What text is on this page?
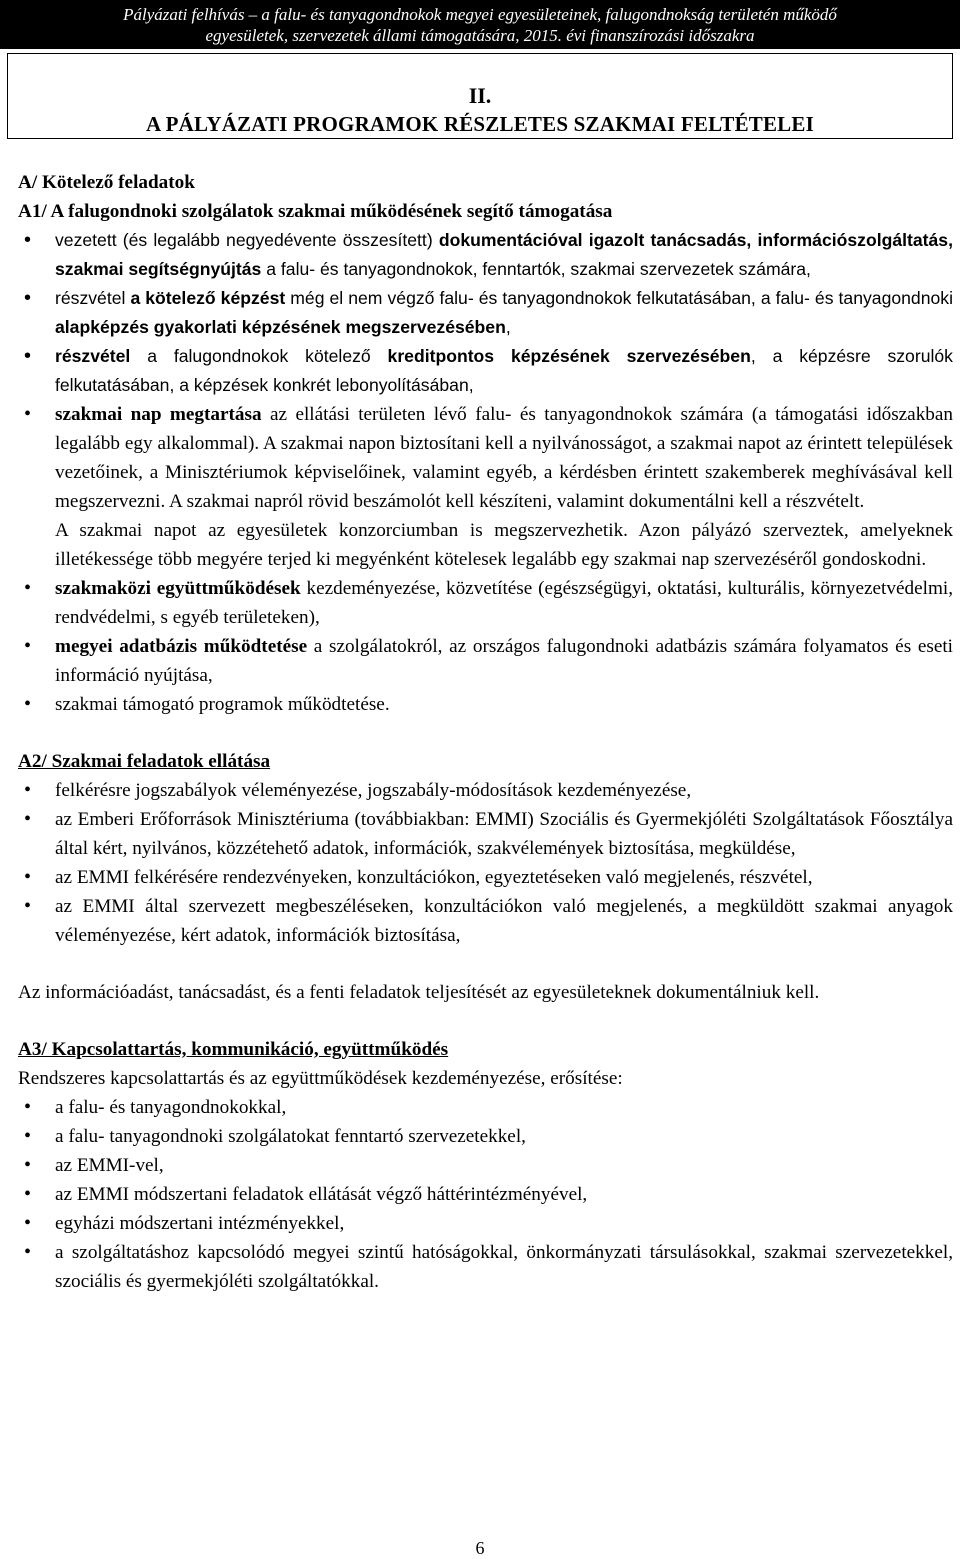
Pályázati felhívás – a falu- és tanyagondnokok megyei egyesületeinek, falugondnokság területén működő
egyesületek, szervezetek állami támogatására, 2015. évi finanszírozási időszakra
II.
A PÁLYÁZATI PROGRAMOK RÉSZLETES SZAKMAI FELTÉTELEI
A/ Kötelező feladatok
A1/ A falugondnoki szolgálatok szakmai működésének segítő támogatása
• vezetett (és legalább negyedévente összesített) dokumentációval igazolt tanácsadás, információszolgáltatás, szakmai segítségnyújtás a falu- és tanyagondnokok, fenntartók, szakmai szervezetek számára,
• részvétel a kötelező képzést még el nem végző falu- és tanyagondnokok felkutatásában, a falu- és tanyagondnoki alapképzés gyakorlati képzésének megszervezésében,
• részvétel a falugondnokok kötelező kreditpontos képzésének szervezésében, a képzésre szorulók felkutatásában, a képzések konkrét lebonyolításában,
• szakmai nap megtartása az ellátási területen lévő falu- és tanyagondnokok számára (a támogatási időszakban legalább egy alkalommal). A szakmai napon biztosítani kell a nyilvánosságot, a szakmai napot az érintett települések vezetőinek, a Minisztériumok képviselőinek, valamint egyéb, a kérdésben érintett szakemberek meghívásával kell megszervezni. A szakmai napról rövid beszámolót kell készíteni, valamint dokumentálni kell a részvételt.
A szakmai napot az egyesületek konzorciumban is megszervezhetik. Azon pályázó szerveztek, amelyeknek illetékessége több megyére terjed ki megyénként kötelesek legalább egy szakmai nap szervezéséről gondoskodni.
• szakmaközi együttműködések kezdeményezése, közvetítése (egészségügyi, oktatási, kulturális, környezetvédelmi, rendvédelmi, s egyéb területeken),
• megyei adatbázis működtetése a szolgálatokról, az országos falugondnoki adatbázis számára folyamatos és eseti információ nyújtása,
• szakmai támogató programok működtetése.
A2/ Szakmai feladatok ellátása
• felkérésre jogszabályok véleményezése, jogszabály-módosítások kezdeményezése,
• az Emberi Erőforrások Minisztériuma (továbbiakban: EMMI) Szociális és Gyermekjóléti Szolgáltatások Főosztálya által kért, nyilvános, közzétehető adatok, információk, szakvélemények biztosítása, megküldése,
• az EMMI felkérésére rendezvényeken, konzultációkon, egyeztetéseken való megjelenés, részvétel,
• az EMMI által szervezett megbeszéléseken, konzultációkon való megjelenés, a megküldött szakmai anyagok véleményezése, kért adatok, információk biztosítása,
Az információadást, tanácsadást, és a fenti feladatok teljesítését az egyesületeknek dokumentálniuk kell.
A3/ Kapcsolattartás, kommunikáció, együttműködés
Rendszeres kapcsolattartás és az együttműködések kezdeményezése, erősítése:
• a falu- és tanyagondnokokkal,
• a falu- tanyagondnoki szolgálatokat fenntartó szervezetekkel,
• az EMMI-vel,
• az EMMI módszertani feladatok ellátását végző háttérintézményével,
• egyházi módszertani intézményekkel,
• a szolgáltatáshoz kapcsolódó megyei szintű hatóságokkal, önkormányzati társulásokkal, szakmai szervezetekkel, szociális és gyermekjóléti szolgáltatókkal.
6
